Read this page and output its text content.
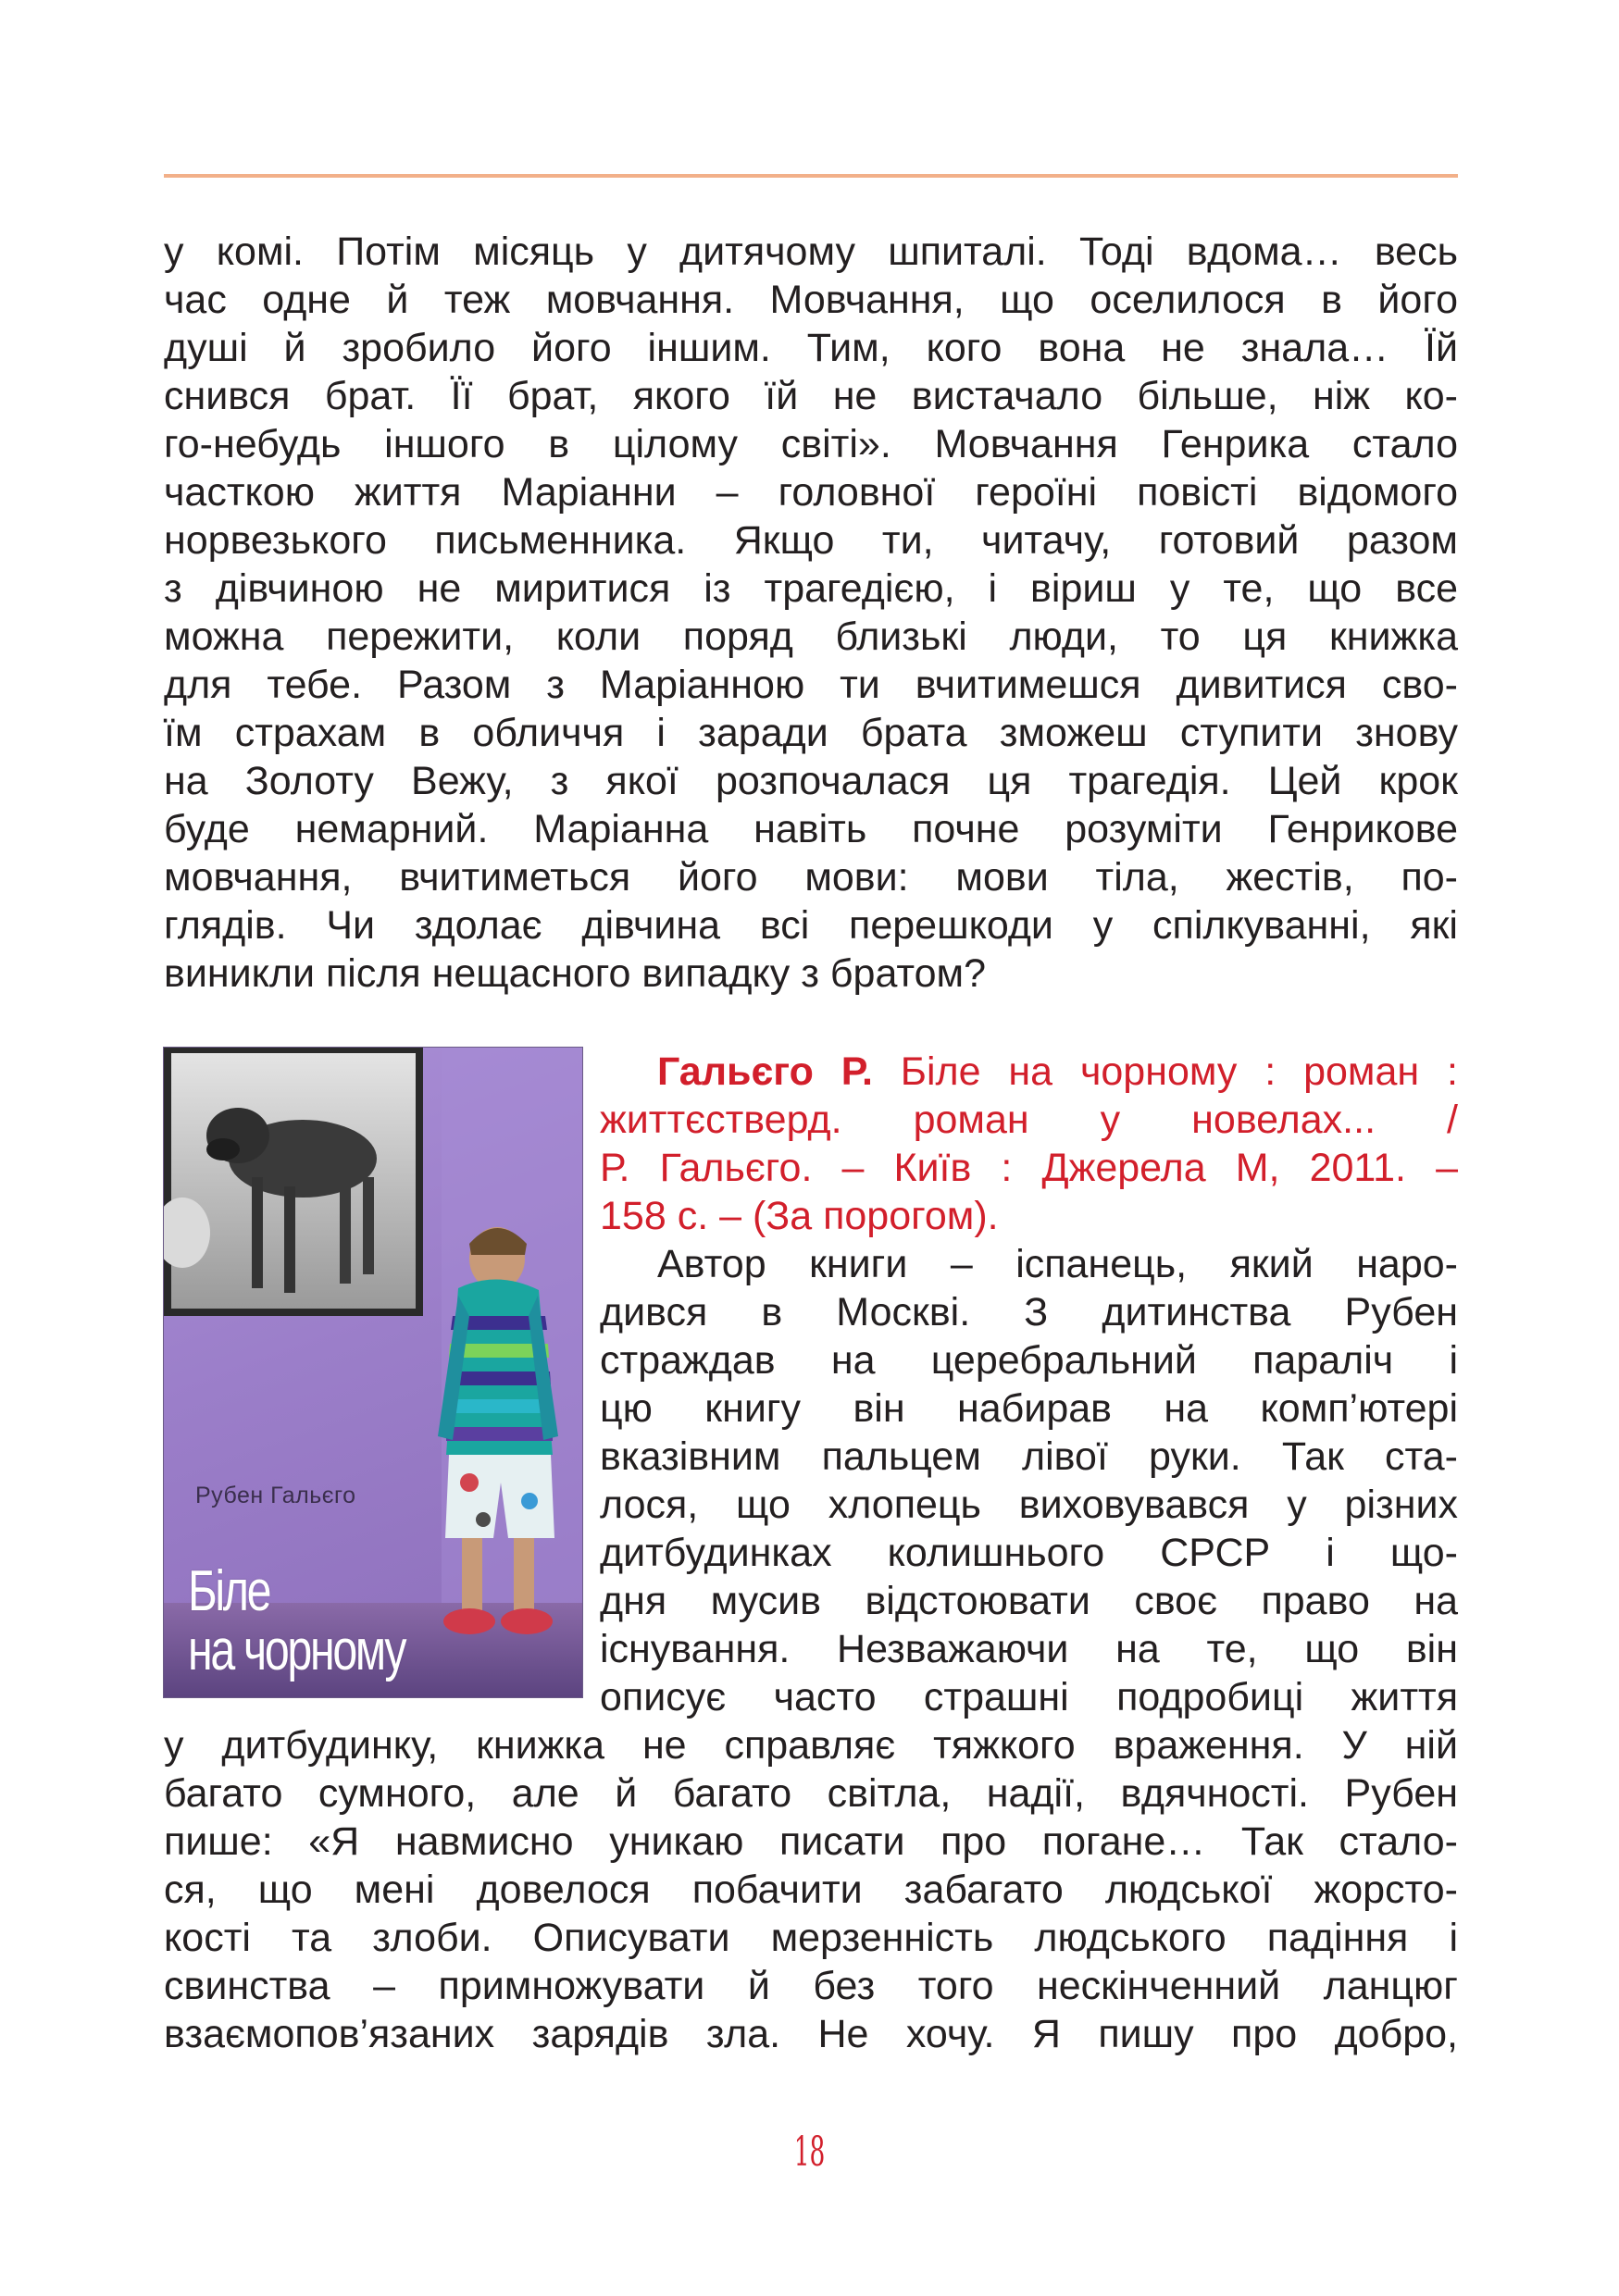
у комі. Потім місяць у дитячому шпиталі. Тоді вдома… весь
час одне й теж мовчання. Мовчання, що оселилося в його
душі й зробило його іншим. Тим, кого вона не знала… Їй
снився брат. Її брат, якого їй не вистачало більше, ніж ко-
го-небудь іншого в цілому світі». Мовчання Генрика стало
часткою життя Маріанни – головної героїні повісті відомого
норвезького письменника. Якщо ти, читачу, готовий разом
з дівчиною не миритися із трагедією, і віриш у те, що все
можна пережити, коли поряд близькі люди, то ця книжка
для тебе. Разом з Маріанною ти вчитимешся дивитися сво-
їм страхам в обличчя і заради брата зможеш ступити знову
на Золоту Вежу, з якої розпочалася ця трагедія. Цей крок
буде немарний. Маріанна навіть почне розуміти Генрикове
мовчання, вчитиметься його мови: мови тіла, жестів, по-
глядів. Чи здолає дівчина всі перешкоди у спілкуванні, які
виникли після нещасного випадку з братом?
Рубен Гальєго
Біле
на чорному
Гальєго Р. Біле на чорному : роман :
життєстверд. роман у новелах... /
Р. Гальєго. – Київ : Джерела М, 2011. –
158 с. – (За порогом).
Автор книги – іспанець, який наро-
дився в Москві. З дитинства Рубен
страждав на церебральний параліч і
цю книгу він набирав на комп’ютері
вказівним пальцем лівої руки. Так ста-
лося, що хлопець виховувався у різних
дитбудинках колишнього СРСР і що-
дня мусив відстоювати своє право на
існування. Незважаючи на те, що він
описує часто страшні подробиці життя
у дитбудинку, книжка не справляє тяжкого враження. У ній
багато сумного, але й багато світла, надії, вдячності. Рубен
пише: «Я навмисно уникаю писати про погане… Так стало-
ся, що мені довелося побачити забагато людської жорсто-
кості та злоби. Описувати мерзенність людського падіння і
свинства – примножувати й без того нескінченний ланцюг
взаємопов’язаних зарядів зла. Не хочу. Я пишу про добро,
18
